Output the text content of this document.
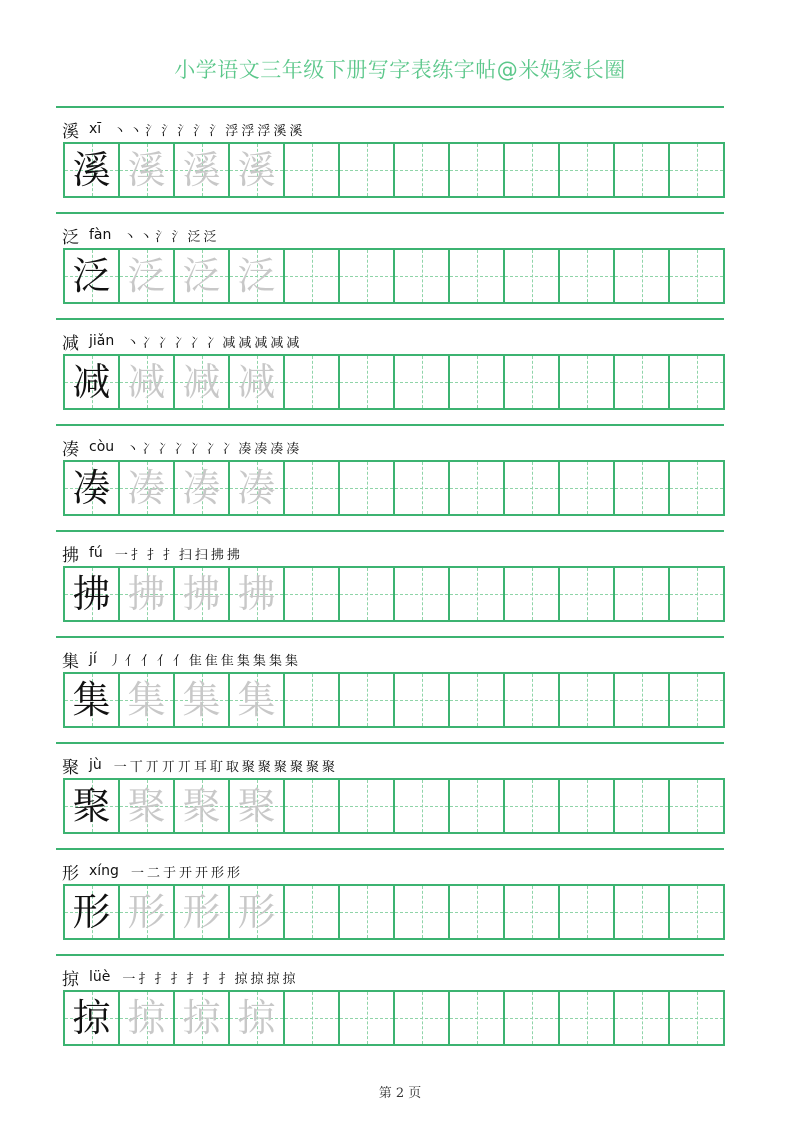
小学语文三年级下册写字表练字帖@米妈家长圈
溪 xī 丶 丶 氵 氵 氵 氵 氵 浮 浮 浮 溪 溪
溪 溪 溪 溪
泛 fàn 丶 丶 氵 氵 泛 泛
泛 泛 泛 泛
减 jiǎn 丶 冫 冫 冫 冫 冫 减 减 减 减 减
减 减 减 减
凑 còu 丶 冫 冫 冫 冫 冫 冫 凑 凑 凑 凑
凑 凑 凑 凑
拂 fú 一 扌 扌 扌 扫 扫 拂 拂
拂 拂 拂 拂
集 jí 丿 亻 亻 亻 亻 隹 隹 隹 集 集 集 集
集 集 集 集
聚 jù 一 丅 丌 丌 丌 耳 耵 取 聚 聚 聚 聚 聚 聚
聚 聚 聚 聚
形 xíng 一 二 于 开 开 形 形
形 形 形 形
掠 lüè 一 扌 扌 扌 扌 扌 扌 掠 掠 掠 掠
掠 掠 掠 掠
第 2 页
